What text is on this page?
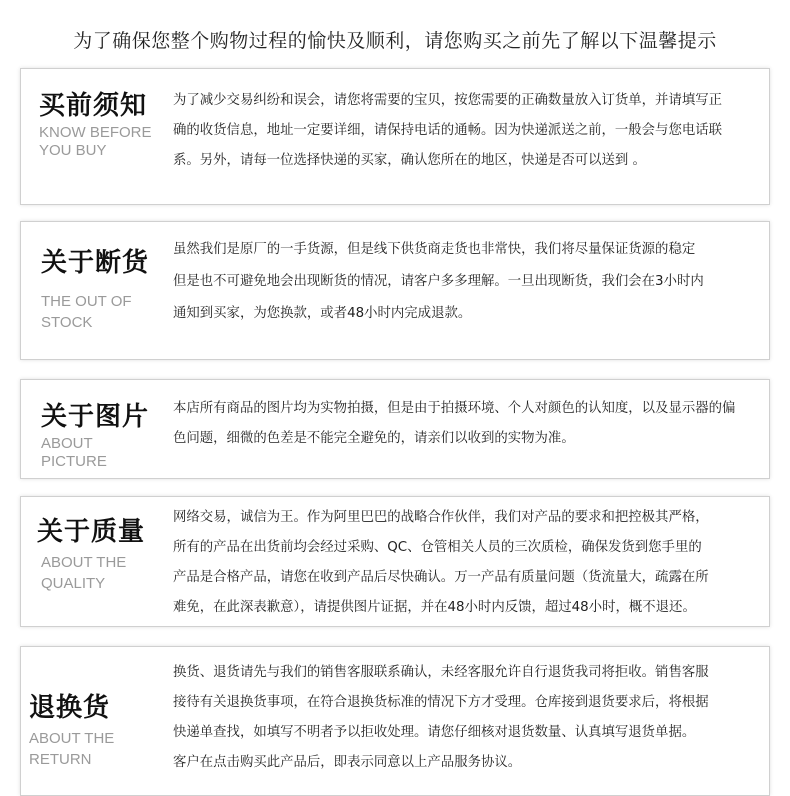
为了确保您整个购物过程的愉快及顺利，请您购买之前先了解以下温馨提示
买前须知
KNOW BEFORE
YOU BUY

为了减少交易纠纷和误会，请您将需要的宝贝，按您需要的正确数量放入订货单，并请填写正

确的收货信息，地址一定要详细，请保持电话的通畅。因为快递派送之前，一般会与您电话联

系。另外，请每一位选择快递的买家，确认您所在的地区，快递是否可以送到 。

关于断货
THE OUT OF
STOCK

虽然我们是原厂的一手货源，但是线下供货商走货也非常快，我们将尽量保证货源的稳定

但是也不可避免地会出现断货的情况，请客户多多理解。一旦出现断货，我们会在3小时内

通知到买家，为您换款，或者48小时内完成退款。

关于图片
ABOUT
PICTURE

本店所有商品的图片均为实物拍摄，但是由于拍摄环境、个人对颜色的认知度，以及显示器的偏

色问题，细微的色差是不能完全避免的，请亲们以收到的实物为准。

关于质量
ABOUT THE
QUALITY

网络交易，诚信为王。作为阿里巴巴的战略合作伙伴，我们对产品的要求和把控极其严格，

所有的产品在出货前均会经过采购、QC、仓管相关人员的三次质检，确保发货到您手里的

产品是合格产品，请您在收到产品后尽快确认。万一产品有质量问题（货流量大，疏露在所

难免，在此深表歉意），请提供图片证据，并在48小时内反馈，超过48小时，概不退还。

退换货
ABOUT THE
RETURN

换货、退货请先与我们的销售客服联系确认，未经客服允许自行退货我司将拒收。销售客服

接待有关退换货事项，在符合退换货标准的情况下方才受理。仓库接到退货要求后，将根据

快递单查找，如填写不明者予以拒收处理。请您仔细核对退货数量、认真填写退货单据。

客户在点击购买此产品后，即表示同意以上产品服务协议。
